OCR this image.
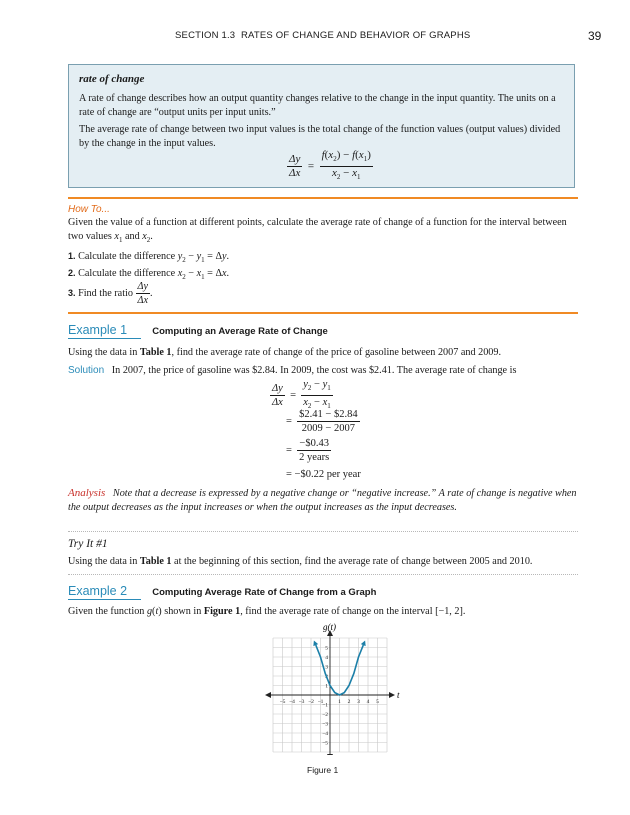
SECTION 1.3 RATES OF CHANGE AND BEHAVIOR OF GRAPHS	39
rate of change
A rate of change describes how an output quantity changes relative to the change in the input quantity. The units on a rate of change are “output units per input units.”
The average rate of change between two input values is the total change of the function values (output values) divided by the change in the input values.
$\frac{\Delta y}{\Delta x} = \frac{f(x_2) - f(x_1)}{x_2 - x_1}$
How To...
Given the value of a function at different points, calculate the average rate of change of a function for the interval between two values $x_1$ and $x_2$.
1. Calculate the difference $y_2 - y_1 = \Delta y$.
2. Calculate the difference $x_2 - x_1 = \Delta x$.
3. Find the ratio $\frac{\Delta y}{\Delta x}$ .
Example 1	Computing an Average Rate of Change
Using the data in Table 1, find the average rate of change of the price of gasoline between 2007 and 2009.
Solution In 2007, the price of gasoline was $2.84. In 2009, the cost was $2.41. The average rate of change is
$\frac{\Delta y}{\Delta x} = \frac{y_2 - y_1}{x_2 - x_1}$
= $\frac{\$2.41 - \$2.84}{2009 - 2007}$
= $\frac{-\$0.43}{\text{2 years}}$
= −$0.22 per year
Analysis Note that a decrease is expressed by a negative change or “negative increase.” A rate of change is negative when the output decreases as the input increases or when the output increases as the input decreases.
Try It #1
Using the data in Table 1 at the beginning of this section, find the average rate of change between 2005 and 2010.
Example 2	Computing Average Rate of Change from a Graph
Given the function g(t) shown in Figure 1, find the average rate of change on the interval [−1, 2].
−5 −4 −3 −2 −1	1 2 3 4 5
5
4
3
2
1
−1
−2
−3
−4
−5
g(t)
t
Figure 1
